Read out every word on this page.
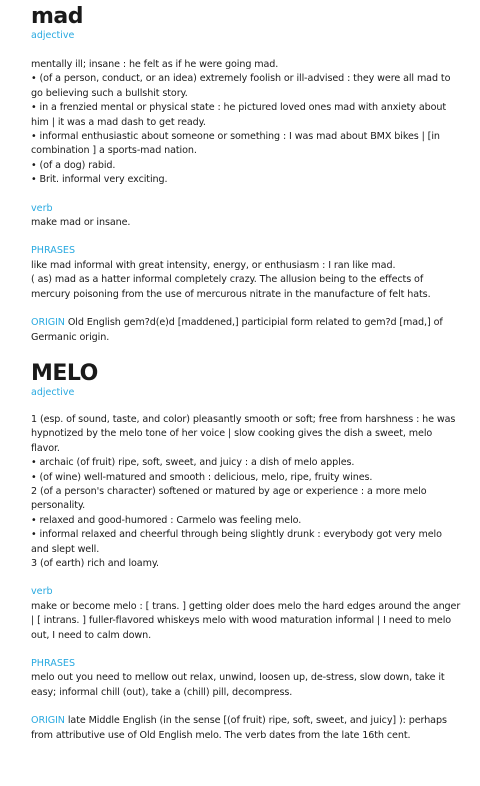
mad
adjective

mentally ill; insane : he felt as if he were going mad.

• (of a person, conduct, or an idea) extremely foolish or ill-advised : they were all mad to go believing such a bullshit story.

• in a frenzied mental or physical state : he pictured loved ones mad with anxiety about him | it was a mad dash to get ready.

• informal enthusiastic about someone or something : I was mad about BMX bikes | [in combination ] a sports-mad nation.

• (of a dog) rabid.

• Brit. informal very exciting.

verb

make mad or insane.

PHRASES

like mad informal with great intensity, energy, or enthusiasm : I ran like mad.

( as) mad as a hatter informal completely crazy. The allusion being to the effects of mercury poisoning from the use of mercurous nitrate in the manufacture of felt hats.

ORIGIN Old English gem?d(e)d [maddened,] participial form related to gem?d [mad,] of Germanic origin.

MELO
adjective

1 (esp. of sound, taste, and color) pleasantly smooth or soft; free from harshness : he was hypnotized by the melo tone of her voice | slow cooking gives the dish a sweet, melo flavor.

• archaic (of fruit) ripe, soft, sweet, and juicy : a dish of melo apples.

• (of wine) well-matured and smooth : delicious, melo, ripe, fruity wines.

2 (of a person's character) softened or matured by age or experience : a more melo personality.

• relaxed and good-humored : Carmelo was feeling melo.

• informal relaxed and cheerful through being slightly drunk : everybody got very melo and slept well.

3 (of earth) rich and loamy.

verb

make or become melo : [ trans. ] getting older does melo the hard edges around the anger | [ intrans. ] fuller-flavored whiskeys melo with wood maturation informal | I need to melo out, I need to calm down.

PHRASES

melo out you need to mellow out relax, unwind, loosen up, de-stress, slow down, take it easy; informal chill (out), take a (chill) pill, decompress.

ORIGIN late Middle English (in the sense [(of fruit) ripe, soft, sweet, and juicy] ): perhaps from attributive use of Old English melo. The verb dates from the late 16th cent.
